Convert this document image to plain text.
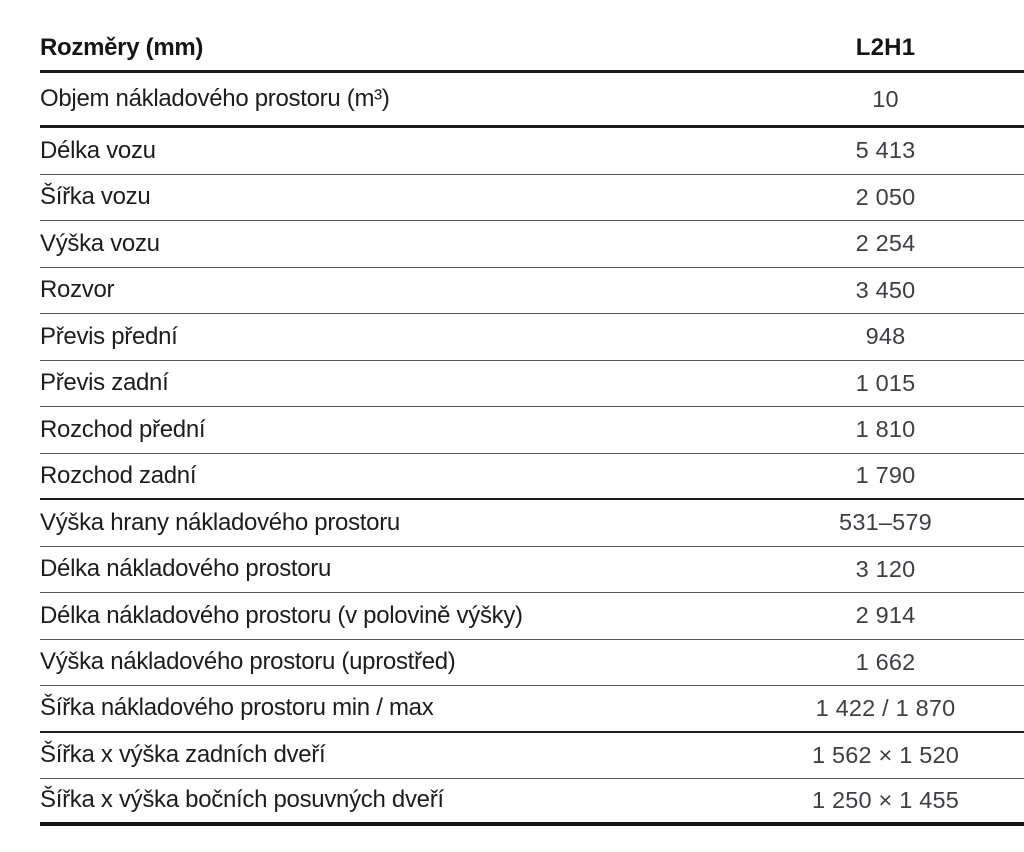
Rozměry (mm)	L2H1
Objem nákladového prostoru (m³)	10
Délka vozu	5 413
Šířka vozu	2 050
Výška vozu	2 254
Rozvor	3 450
Převis přední	948
Převis zadní	1 015
Rozchod přední	1 810
Rozchod zadní	1 790
Výška hrany nákladového prostoru	531–579
Délka nákladového prostoru	3 120
Délka nákladového prostoru (v polovině výšky)	2 914
Výška nákladového prostoru (uprostřed)	1 662
Šířka nákladového prostoru min / max	1 422 / 1 870
Šířka x výška zadních dveří	1 562 × 1 520
Šířka x výška bočních posuvných dveří	1 250 × 1 455
